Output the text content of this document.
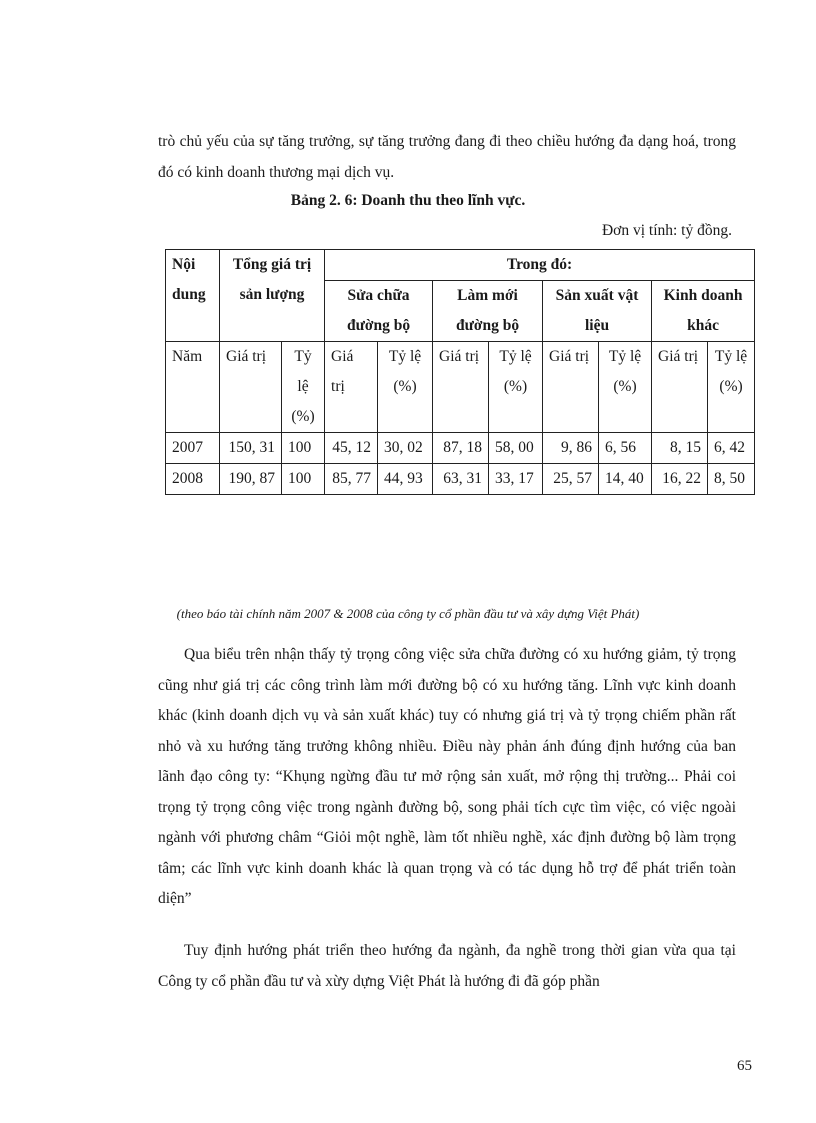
trò chủ yếu của sự tăng trưởng, sự tăng trưởng đang đi theo chiều hướng đa dạng hoá, trong đó có kinh doanh thương mại dịch vụ.

Bảng 2. 6: Doanh thu theo lĩnh vực.
Đơn vị tính: tỷ đồng.
Nội dung	Tổng giá trị sản lượng		Trong đó:							
			Sửa chữa đường bộ		Làm mới đường bộ		Sản xuất vật liệu		Kinh doanh khác	
Năm	Giá trị	Tỷ lệ (%)	Giá trị	Tỷ lệ (%)	Giá trị	Tỷ lệ (%)	Giá trị	Tỷ lệ (%)	Giá trị	Tỷ lệ (%)
2007	150, 31	100	45, 12	30, 02	87, 18	58, 00	9, 86	6, 56	8, 15	6, 42
2008	190, 87	100	85, 77	44, 93	63, 31	33, 17	25, 57	14, 40	16, 22	8, 50
(theo báo tài chính năm 2007 & 2008 của công ty cổ phần đầu tư và xây dựng Việt Phát)

Qua biểu trên nhận thấy tỷ trọng công việc sửa chữa đường có xu hướng giảm, tỷ trọng cũng như giá trị các công trình làm mới đường bộ có xu hướng tăng. Lĩnh vực kinh doanh khác (kinh doanh dịch vụ và sản xuất khác) tuy có nhưng giá trị và tỷ trọng chiếm phần rất nhỏ và xu hướng tăng trưởng không nhiều. Điều này phản ánh đúng định hướng của ban lãnh đạo công ty: “Khụng ngừng đầu tư mở rộng sản xuất, mở rộng thị trường... Phải coi trọng tỷ trọng công việc trong ngành đường bộ, song phải tích cực tìm việc, có việc ngoài ngành với phương châm “Giỏi một nghề, làm tốt nhiều nghề, xác định đường bộ làm trọng tâm; các lĩnh vực kinh doanh khác là quan trọng và có tác dụng hỗ trợ để phát triển toàn diện”

Tuy định hướng phát triển theo hướng đa ngành, đa nghề trong thời gian vừa qua tại Công ty cổ phần đầu tư và xừy dựng Việt Phát là hướng đi đã góp phần

65
